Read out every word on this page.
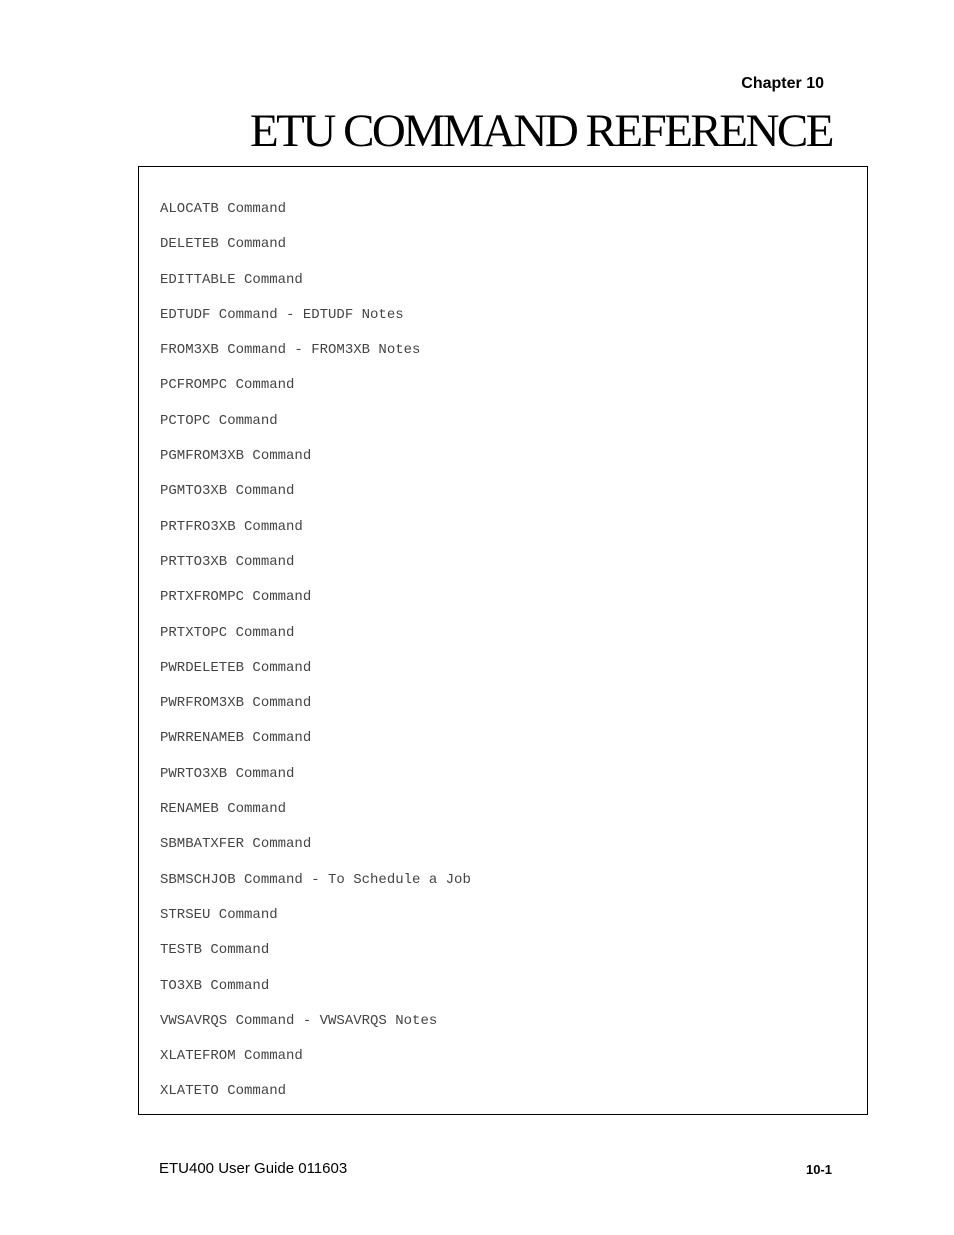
Chapter 10
ETU COMMAND REFERENCE
ALOCATB Command
DELETEB Command
EDITTABLE Command
EDTUDF Command - EDTUDF Notes
FROM3XB Command - FROM3XB Notes
PCFROMPC Command
PCTOPC Command
PGMFROM3XB Command
PGMTO3XB Command
PRTFRO3XB Command
PRTTO3XB Command
PRTXFROMPC Command
PRTXTOPC Command
PWRDELETEB Command
PWRFROM3XB Command
PWRRENAMEB Command
PWRTO3XB Command
RENAMEB Command
SBMBATXFER Command
SBMSCHJOB Command - To Schedule a Job
STRSEU Command
TESTB Command
TO3XB Command
VWSAVRQS Command - VWSAVRQS Notes
XLATEFROM Command
XLATETO Command
ETU400 User Guide 011603	10-1
